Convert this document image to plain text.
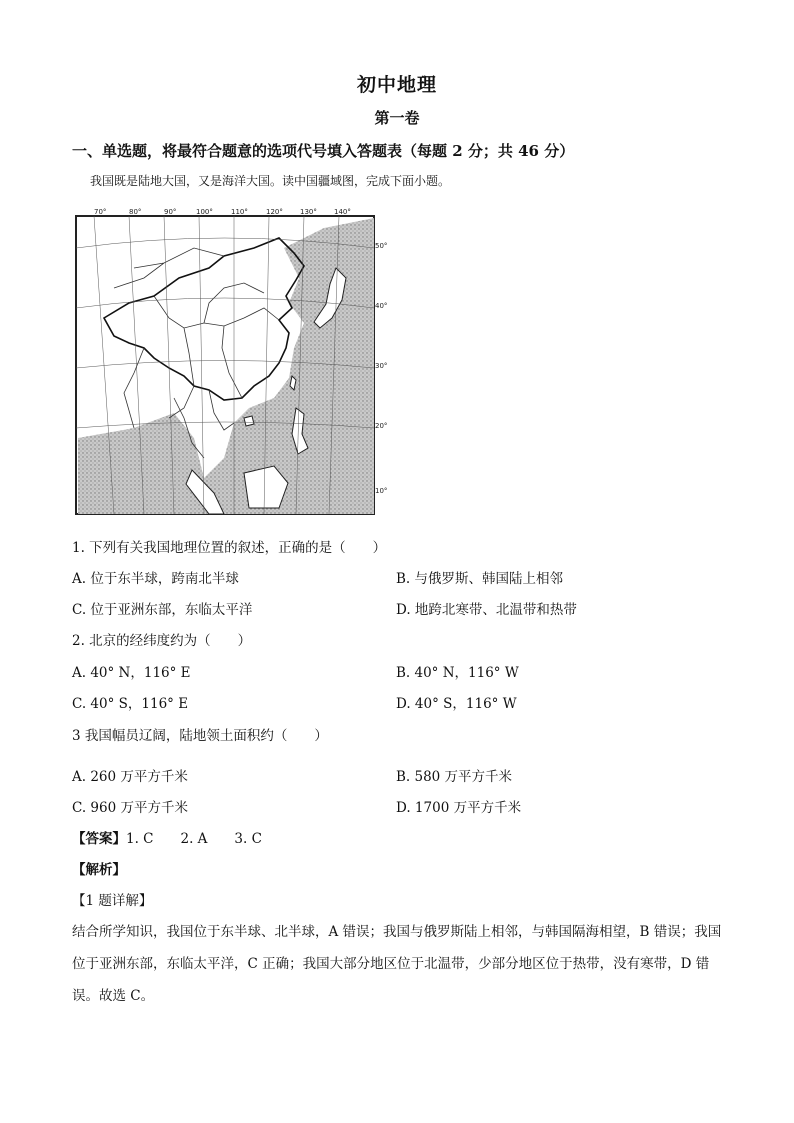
初中地理
第一卷
一、单选题，将最符合题意的选项代号填入答题表（每题 2 分；共 46 分）
我国既是陆地大国，又是海洋大国。读中国疆域图，完成下面小题。
70°	80°	90°	100°	110°	120° 130° 140°
50°
40°
30°
20°
10°
1. 下列有关我国地理位置的叙述，正确的是（　　）
A. 位于东半球，跨南北半球	B. 与俄罗斯、韩国陆上相邻
C. 位于亚洲东部，东临太平洋	D. 地跨北寒带、北温带和热带
2. 北京的经纬度约为（　　）
A. 40° N，116° E	B. 40° N，116° W
C. 40° S，116° E	D. 40° S，116° W
3 我国幅员辽阔，陆地领土面积约（　　）
A. 260 万平方千米	B. 580 万平方千米
C. 960 万平方千米	D. 1700 万平方千米
【答案】1. C　　2. A　　3. C
【解析】
【1 题详解】
结合所学知识，我国位于东半球、北半球，A 错误；我国与俄罗斯陆上相邻，与韩国隔海相望，B 错误；我国位于亚洲东部，东临太平洋，C 正确；我国大部分地区位于北温带，少部分地区位于热带，没有寒带，D 错误。故选 C。
